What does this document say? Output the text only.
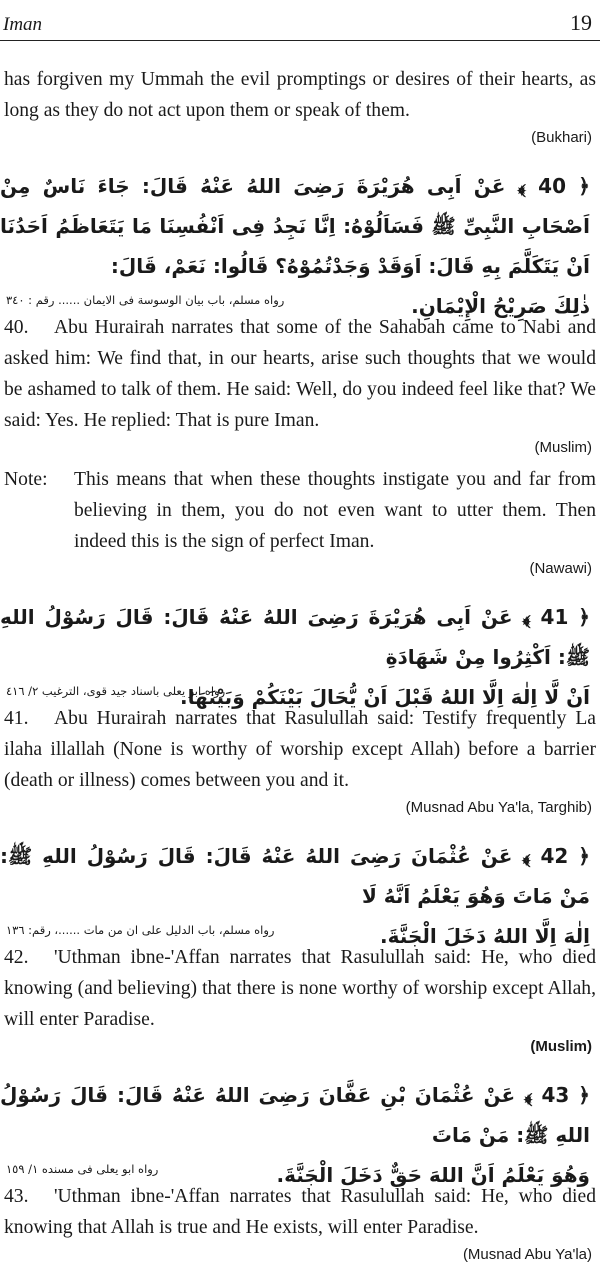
Iman	19

has forgiven my Ummah the evil promptings or desires of their hearts, as long as they do not act upon them or speak of them.

(Bukhari)

﴿ 40 ﴾ عَنْ اَبِی هُرَيْرَةَ رَضِیَ اللهُ عَنْهُ قَالَ: جَاءَ نَاسٌ مِنْ اَصْحَابِ النَّبِیِّ ﷺ فَسَاَلُوْهُ: اِنَّا نَجِدُ فِی اَنْفُسِنَا مَا يَتَعَاظَمُ اَحَدُنَا اَنْ يَتَكَلَّمَ بِهِ قَالَ: اَوَقَدْ وَجَدْتُمُوْهُ؟ قَالُوا: نَعَمْ، قَالَ:

ذٰلِكَ صَرِيْحُ الْإِيْمَانِ.

رواه مسلم، باب بيان الوسوسة فی الايمان ...... رقم : ٣٤٠

40. Abu Hurairah narrates that some of the Sahabah came to Nabi and asked him: We find that, in our hearts, arise such thoughts that we would be ashamed to talk of them. He said: Well, do you indeed feel like that? We said: Yes. He replied: That is pure Iman.

(Muslim)

Note:	This means that when these thoughts instigate you and far from believing in them, you do not even want to utter them. Then indeed this is the sign of perfect Iman.

(Nawawi)

﴿ 41 ﴾ عَنْ اَبِی هُرَيْرَةَ رَضِیَ اللهُ عَنْهُ قَالَ: قَالَ رَسُوْلُ اللهِ ﷺ: اَكْثِرُوا مِنْ شَهَادَةِ

اَنْ لَّا اِلٰهَ اِلَّا اللهُ قَبْلَ اَنْ يُّحَالَ بَيْنَكُمْ وَبَيْنَهَا.

رواه ابو يعلى باسناد جيد قوی، الترغيب ٢/ ٤١٦

41. Abu Hurairah narrates that Rasulullah said: Testify frequently La ilaha illallah (None is worthy of worship except Allah) before a barrier (death or illness) comes between you and it.

(Musnad Abu Ya'la, Targhib)

﴿ 42 ﴾ عَنْ عُثْمَانَ رَضِیَ اللهُ عَنْهُ قَالَ: قَالَ رَسُوْلُ اللهِ ﷺ: مَنْ مَاتَ وَهُوَ يَعْلَمُ اَنَّهُ لَا

اِلٰهَ اِلَّا اللهُ دَخَلَ الْجَنَّةَ.

رواه مسلم، باب الدليل على ان من مات ......، رقم: ١٣٦

42. 'Uthman ibne-'Affan narrates that Rasulullah said: He, who died knowing (and believing) that there is none worthy of worship except Allah, will enter Paradise.

(Muslim)

﴿ 43 ﴾ عَنْ عُثْمَانَ بْنِ عَفَّانَ رَضِیَ اللهُ عَنْهُ قَالَ: قَالَ رَسُوْلُ اللهِ ﷺ: مَنْ مَاتَ

وَهُوَ يَعْلَمُ اَنَّ اللهَ حَقٌّ دَخَلَ الْجَنَّةَ.

رواه ابو يعلى فی مسنده ١/ ١٥٩

43. 'Uthman ibne-'Affan narrates that Rasulullah said: He, who died knowing that Allah is true and He exists, will enter Paradise.

(Musnad Abu Ya'la)
